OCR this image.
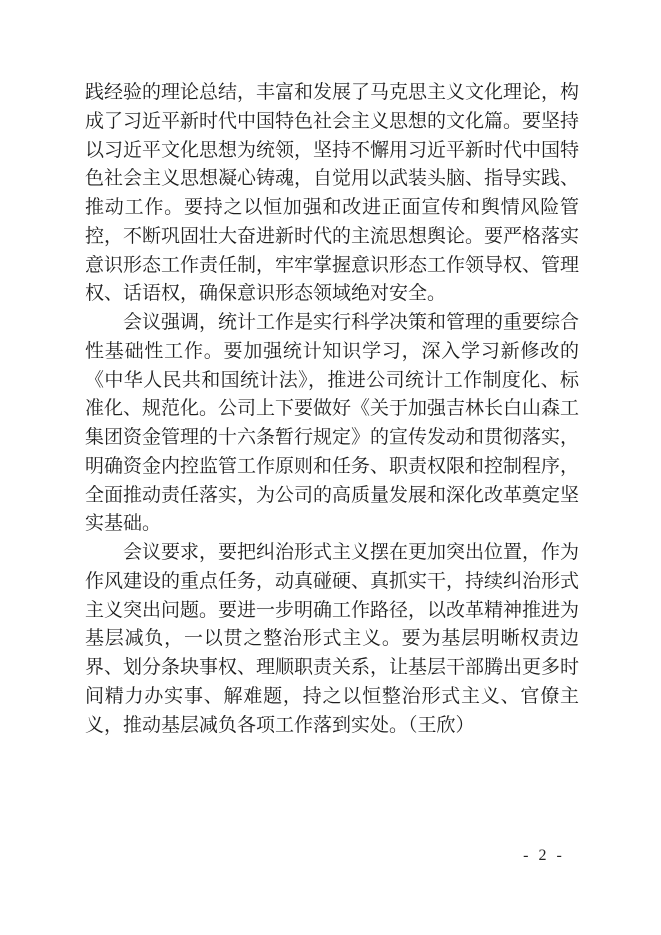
践经验的理论总结，丰富和发展了马克思主义文化理论，构成了习近平新时代中国特色社会主义思想的文化篇。要坚持以习近平文化思想为统领，坚持不懈用习近平新时代中国特色社会主义思想凝心铸魂，自觉用以武装头脑、指导实践、推动工作。要持之以恒加强和改进正面宣传和舆情风险管控，不断巩固壮大奋进新时代的主流思想舆论。要严格落实意识形态工作责任制，牢牢掌握意识形态工作领导权、管理权、话语权，确保意识形态领域绝对安全。

会议强调，统计工作是实行科学决策和管理的重要综合性基础性工作。要加强统计知识学习，深入学习新修改的《中华人民共和国统计法》，推进公司统计工作制度化、标准化、规范化。公司上下要做好《关于加强吉林长白山森工集团资金管理的十六条暂行规定》的宣传发动和贯彻落实，明确资金内控监管工作原则和任务、职责权限和控制程序，全面推动责任落实，为公司的高质量发展和深化改革奠定坚实基础。

会议要求，要把纠治形式主义摆在更加突出位置，作为作风建设的重点任务，动真碰硬、真抓实干，持续纠治形式主义突出问题。要进一步明确工作路径，以改革精神推进为基层减负，一以贯之整治形式主义。要为基层明晰权责边界、划分条块事权、理顺职责关系，让基层干部腾出更多时间精力办实事、解难题，持之以恒整治形式主义、官僚主义，推动基层减负各项工作落到实处。（王欣）

- 2 -
